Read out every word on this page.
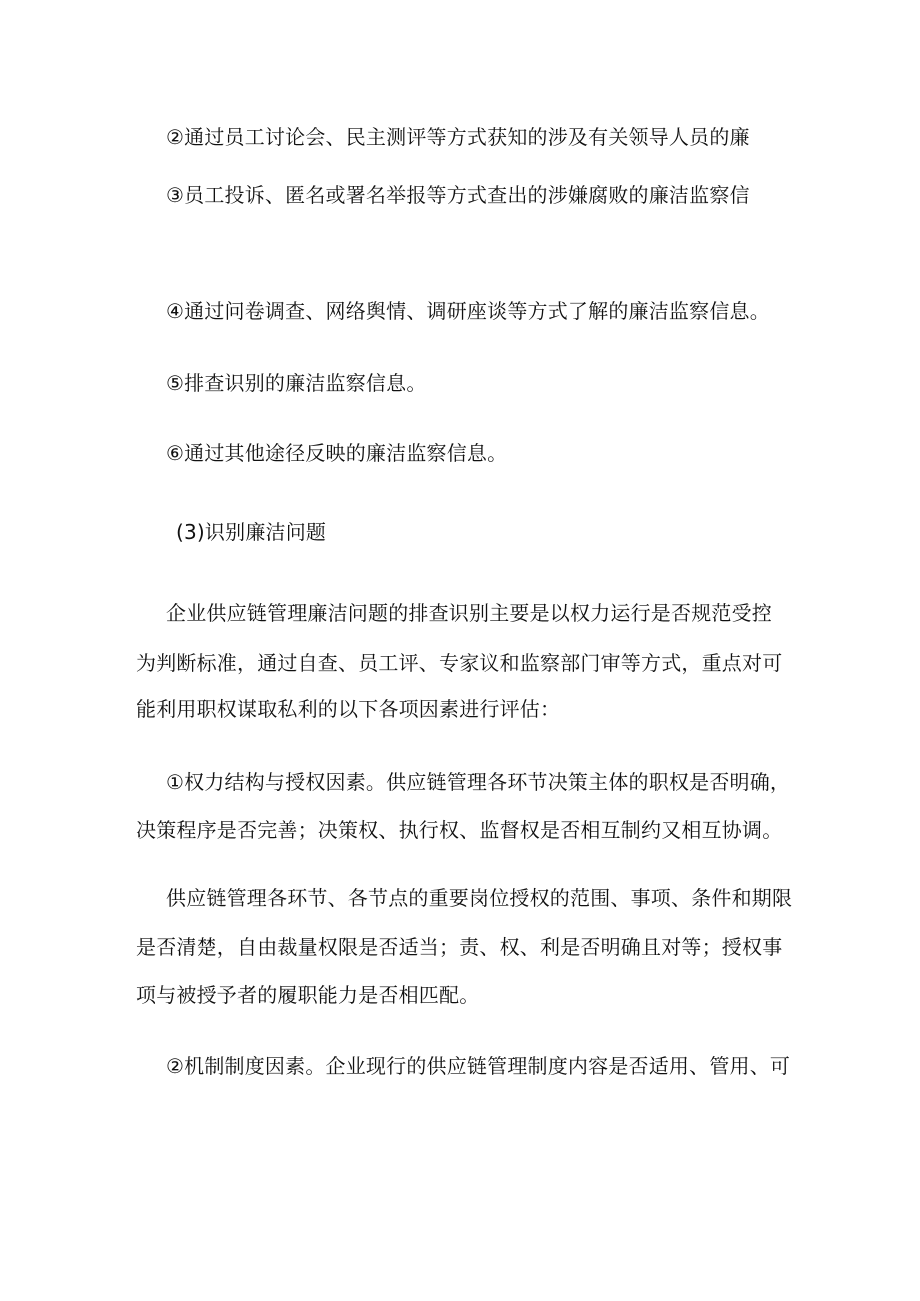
②通过员工讨论会、民主测评等方式获知的涉及有关领导人员的廉
③员工投诉、匿名或署名举报等方式查出的涉嫌腐败的廉洁监察信
④通过问卷调查、网络舆情、调研座谈等方式了解的廉洁监察信息。
⑤排查识别的廉洁监察信息。
⑥通过其他途径反映的廉洁监察信息。
(3)识别廉洁问题
企业供应链管理廉洁问题的排查识别主要是以权力运行是否规范受控
为判断标准，通过自查、员工评、专家议和监察部门审等方式，重点对可
能利用职权谋取私利的以下各项因素进行评估：
①权力结构与授权因素。供应链管理各环节决策主体的职权是否明确，
决策程序是否完善；决策权、执行权、监督权是否相互制约又相互协调。
供应链管理各环节、各节点的重要岗位授权的范围、事项、条件和期限
是否清楚，自由裁量权限是否适当；责、权、利是否明确且对等；授权事
项与被授予者的履职能力是否相匹配。
②机制制度因素。企业现行的供应链管理制度内容是否适用、管用、可
